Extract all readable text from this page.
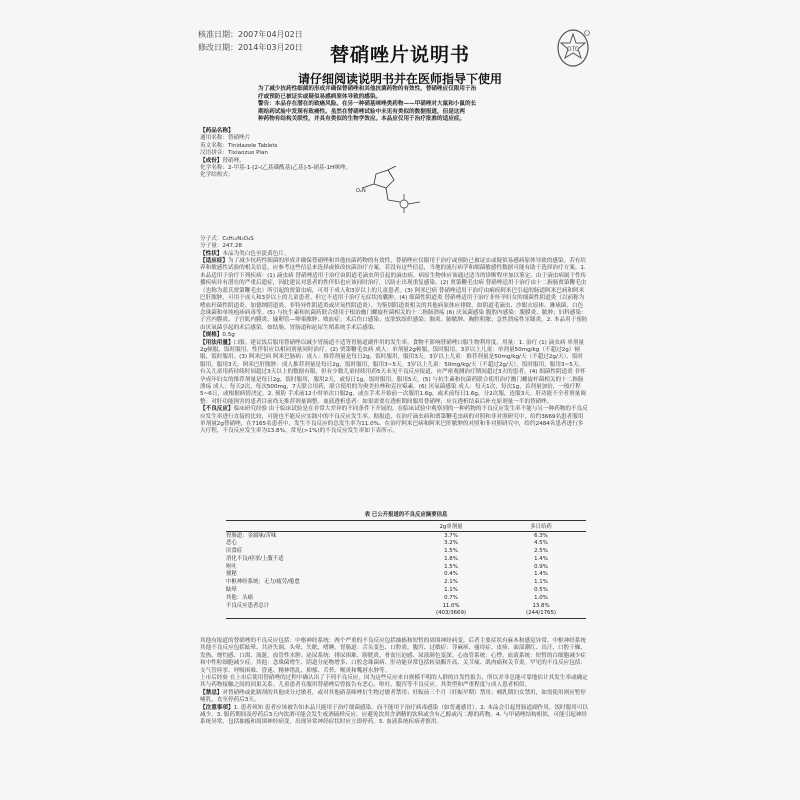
核准日期：2007年04月02日
修改日期：2014年03月20日	OTC
替硝唑片说明书
请仔细阅读说明书并在医师指导下使用
为了减少抗药性细菌的形成并确保替硝唑和其他抗菌药物的有效性，替硝唑应仅限用于治
疗或预防已被证实或疑似易感病原体导致的感染。
警告：本品存在潜在的致癌风险。在另一种硝基咪唑类药物——甲硝唑对大鼠和小鼠的长
期给药试验中发现有致癌性。虽然在替硝唑试验中未见有类似的数据报道，但是这两
种药物有结构关联性，并具有类似的生物学效应。本品应仅用于治疗批准的适应症。

【药品名称】

通用名称：替硝唑片

英文名称：Tinidazole Tablets

汉语拼音：Tixiaozuo Pian

【成份】替硝唑。

化学名称：2-甲基-1-[2-(乙基磺酰基)乙基]-5-硝基-1H咪唑。

化学结构式：

分子式：C₈H₁₃N₃O₄S

分子量：247.28

【性状】本品为类白色至淡黄色片。

【适应症】为了减少抗药性细菌的形成并确保替硝唑和其他抗菌药物的有效性，替硝唑应仅限用于治疗或预防已被证实或疑似易感病原体导致的感染。若有培养和敏感性试验的相关信息，应参考这些信息来选择或修改抗菌治疗方案。若没有这些信息，当地的流行病学和细菌敏感性数据可能有助于选择治疗方案。1. 本品适用于治疗下列疾病：(1) 滴虫病 替硝唑适用于治疗由阴道毛滴虫所引起的滴虫病。病原生物体应该通过适当的诊断程序加以鉴定。由于滴虫病属于性传播疾病并有潜在的严重后遗症，因此建议对患者的性伴侣也应该同时治疗，以防止出现重复感染。(2) 贾第鞭毛虫病 替硝唑适用于治疗由十二指肠贾第鞭毛虫（也称为蓝氏贾第鞭毛虫）所引起的贾第虫病，可用于成人和3岁以上的儿童患者。(3) 阿米巴病 替硝唑适用于治疗由痢疾阿米巴引起的肠道阿米巴病和阿米巴肝脓肿，可用于成人和3岁以上的儿童患者。但它不适用于治疗无症状的囊肿。(4) 细菌性阴道炎 替硝唑适用于治疗非怀孕妇女的细菌性阴道炎（以前称为嗜血杆菌性阴道炎、加德纳阴道炎、非特异性阴道炎或厌氧性阴道炎）。为鉴别阴道炎相关的其他病原体应排除，如阴道毛滴虫、沙眼衣原体、淋球菌、白色念珠菌和单纯疱疹病毒等。(5) 与抗生素和抗菌药联合使用于根治幽门螺旋杆菌相关的十二指肠溃疡 (6) 厌氧菌感染 腹腔内感染：腹膜炎、脓肿；妇科感染：子宫内膜炎、子宫肌内膜炎、输卵管—卵巢脓肿；败血症；术后伤口感染；皮肤软组织感染；肺炎、肺脓肿、胸腔积脓；急性溃疡性牙龈炎。2. 本品用于预防由厌氧菌引起的术后感染，如结肠、胃肠道和泌尿生殖系统手术后感染。

【规格】0.5g

【用法用量】口服。建议饭后服用替硝唑以减少胃肠道不适等胃肠道副作用的发生率。食物不影响替硝唑口服生物利用度。用量：1. 治疗 (1) 滴虫病 单剂量2g顿服，饭时服用。性伴侣应以相同剂量同时治疗。(2) 贾第鞭毛虫病 成人：单剂量2g顿服，饭时服用。3岁以上儿童：单剂量50mg/kg（不超过2g）顿服，饭时服用。(3) 阿米巴病 阿米巴肠病：成人：推荐剂量是每日2g，饭时服用，服用3天。3岁以上儿童：推荐剂量是50mg/kg/天（不超过2g/天），饭时服用，服用3天。阿米巴肝脓肿：成人推荐剂量是每日2g，饭时服用，服用3~5天。3岁以上儿童：50mg/kg/天（不超过2g/天），饭时服用，服用3~5天。有关儿童用药持续时间超过3天以上的数据有限，但有少数儿童持续用药5天未见不良反应报道，应严密观测治疗期间超过3天的患者。(4) 细菌性阴道炎 非怀孕成年妇女的推荐剂量是每日2g，饭时服用，服用2天，或每日1g，饭时服用，服用5天。(5) 与抗生素和抗菌药联合使用治疗幽门螺旋杆菌相关的十二指肠溃疡 成人：每天2次，每次500mg，7天联合用药，联合使用的为奥美拉唑和克拉霉素。(6) 厌氧菌感染 成人：每天1次，每次1g，首剂量加倍，一般疗程5~6日，或根据病情决定。2. 预防 手术前12小时单次口服2g，或在手术开始前一次服用1.6g，或术前每日1.6g，分2次服，连服3天。肝功能不全者剂量调整：对肝功能损害的患者目前尚无推荐剂量调整。血液透析患者：如果需要在透析期间服用替硝唑，应在透析结束后补充原剂量一半的替硝唑。

【不良反应】临床研究经验 由于临床试验是在非常大差异的不同条件下开展的，在临床试验中观察到的一种药物的不良反应发生率不能与另一种药物的不良反应发生率进行直接的比较，可能也不能反应实践中的不良反应发生率。据报道，在治疗滴虫病和贾第鞭毛虫病的对照和非对照研究中，给约3669名患者服用单剂量2g替硝唑，在7165名患者中，发生不良反应的总发生率为11.0%。在治疗阿米巴病和阿米巴肝脓肿的对照和非对照研究中，给约2484名患者进行多天疗程，不良反应发生率为13.8%。常见(>1%)的不良反应发生率如下表所示。

O₂N
表 已公开报道的不良反应摘要信息
	2g单剂量	多日给药
胃肠道：金属味/苦味	3.7%	6.3%
恶心	3.2%	4.5%
厌食症	1.5%	2.5%
消化不良/痉挛/上腹不适	1.8%	1.4%
呕吐	1.5%	0.9%
便秘	0.4%	1.4%
中枢神经系统：无力/疲劳/倦怠	2.1%	1.1%
眩晕	1.1%	0.5%
其他：头痛	0.7%	1.0%
不良反应患者总计	11.0%	13.8%
	(403/3669)	(244/1765)

其他有报道的替硝唑的不良反应包括：中枢神经系统：两个严重的不良反应包括抽搐和短暂的周围神经病变。后者主要症状有麻木和感觉异常。中枢神经系统其他不良反应包括眩晕、共济失调、头晕、失眠、嗜睡。胃肠道：舌头变色、口腔炎、腹泻、过敏症：荨麻疹、瘙痒症、皮疹、面部潮红、出汗、口腔干燥、发热、烧灼感、口渴、流涎。血管性水肿、泌尿系统：排尿困难、膀胱炎、骨盆压迫感、尿液颜色变深。心血管系统：心悸。血液系统：短暂的白细胞减少症和中性粒细胞减少症。其他：念珠菌增生、阴道分泌物增多、口腔念珠菌病、肝功能异常包括转氨酶升高、关节痛、肌肉痛和关节炎。罕见的不良反应包括：支气管痉挛、呼吸困难、昏迷、精神错乱、抑郁、舌苔、喉炎和嘴唇水肿等。

上市后经验 在上市后使用替硝唑的过程中确认出了下列不良反应。因为这些反应来自规模不明的人群的自发性报告，所以并非总能可靠地估计其发生率或确定其与药物接触之间的因果关系。儿童患者在服用替硝唑后曾报告有恶心、呕吐、腹泻等不良反应，其类型和严重程度与成人患者相似。

【禁忌】对替硝唑或此制剂的其他成分过敏者，或对其他硝基咪唑衍生物过敏者禁用；妊娠前三个月（妊娠早期）禁用；哺乳期妇女禁用，如需使用则应暂停哺乳，直至停药后3天。

【注意事项】1. 患者须知 患者应该被告知本品只能用于治疗细菌感染，而不能用于治疗病毒感染（如普通感冒）。2. 本品会引起胃肠道副作用，饭时服用可以减少。3. 服药期间及停药后3天内饮酒可能会发生戒酒硫样反应，应避免饮用含酒精的饮料或含有乙醇或丙二醇的药物。4. 与甲硝唑结构相似，可能引起神经系统异常，包括抽搐和周围神经病变，出现异常神经症状时应立即停药。5. 血液系统疾病者慎用。
